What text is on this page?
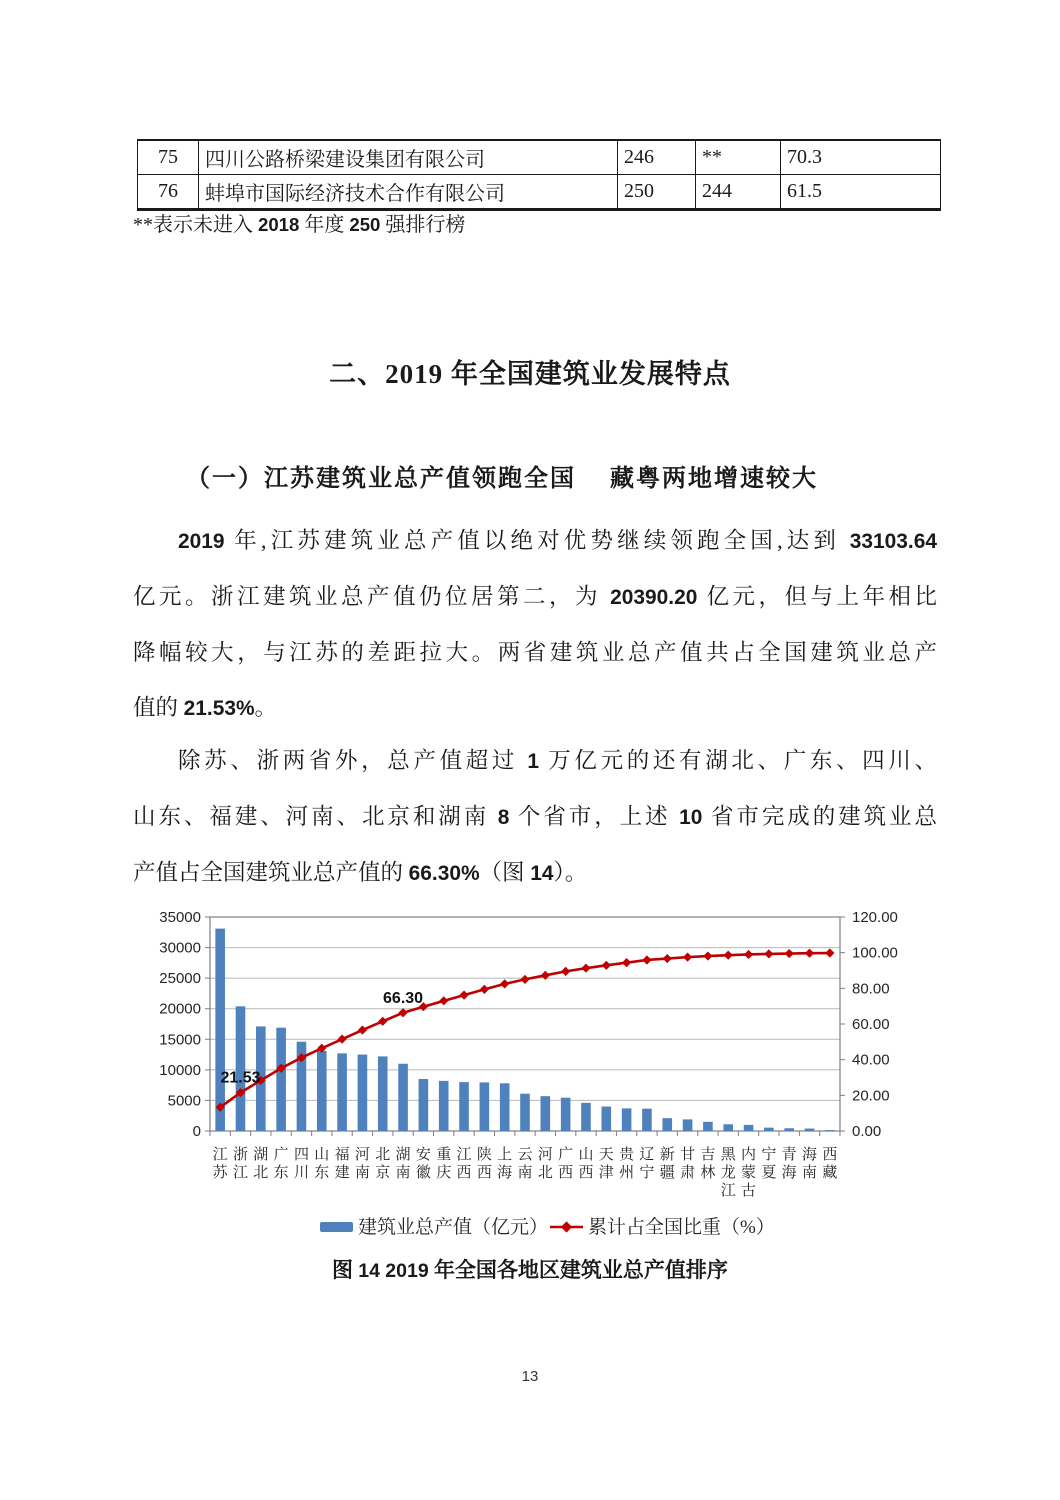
75	四川公路桥梁建设集团有限公司	246	**	70.3
76	蚌埠市国际经济技术合作有限公司	250	244	61.5
**表示未进入 2018 年度 250 强排行榜
二、2019 年全国建筑业发展特点
（一）江苏建筑业总产值领跑全国　 藏粤两地增速较大
2019 年,江苏建筑业总产值以绝对优势继续领跑全国,达到 33103.64
亿元。浙江建筑业总产值仍位居第二，为 20390.20 亿元，但与上年相比
降幅较大，与江苏的差距拉大。两省建筑业总产值共占全国建筑业总产
值的 21.53%。
除苏、浙两省外，总产值超过 1 万亿元的还有湖北、广东、四川、
山东、福建、河南、北京和湖南 8 个省市，上述 10 省市完成的建筑业总
产值占全国建筑业总产值的 66.30%（图 14）。
0
5000
10000
15000
20000
25000
30000
35000
0.00
20.00
40.00
60.00
80.00
100.00
120.00
21.53
66.30
江苏
浙江
湖北
广东
四川
山东
福建
河南
北京
湖南
安徽
重庆
江西
陕西
上海
云南
河北
广西
山西
天津
贵州
辽宁
新疆
甘肃
吉林
黑龙江
内蒙古
宁夏
青海
海南
西藏
建筑业总产值（亿元） 累计占全国比重（%）
图 14 2019 年全国各地区建筑业总产值排序
13
